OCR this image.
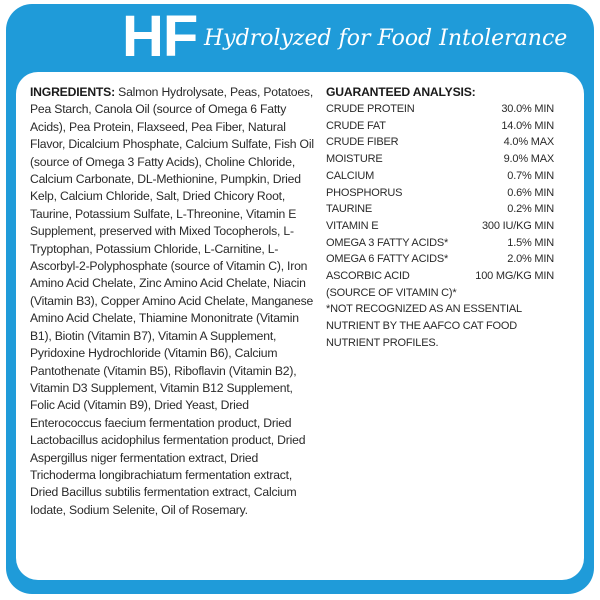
HF Hydrolyzed for Food Intolerance
INGREDIENTS: Salmon Hydrolysate, Peas, Potatoes, Pea Starch, Canola Oil (source of Omega 6 Fatty Acids), Pea Protein, Flaxseed, Pea Fiber, Natural Flavor, Dicalcium Phosphate, Calcium Sulfate, Fish Oil (source of Omega 3 Fatty Acids), Choline Chloride, Calcium Carbonate, DL-Methionine, Pumpkin, Dried Kelp, Calcium Chloride, Salt, Dried Chicory Root, Taurine, Potassium Sulfate, L-Threonine, Vitamin E Supplement, preserved with Mixed Tocopherols, L-Tryptophan, Potassium Chloride, L-Carnitine, L-Ascorbyl-2-Polyphosphate (source of Vitamin C), Iron Amino Acid Chelate, Zinc Amino Acid Chelate, Niacin (Vitamin B3), Copper Amino Acid Chelate, Manganese Amino Acid Chelate, Thiamine Mononitrate (Vitamin B1), Biotin (Vitamin B7), Vitamin A Supplement, Pyridoxine Hydrochloride (Vitamin B6), Calcium Pantothenate (Vitamin B5), Riboflavin (Vitamin B2), Vitamin D3 Supplement, Vitamin B12 Supplement, Folic Acid (Vitamin B9), Dried Yeast, Dried Enterococcus faecium fermentation product, Dried Lactobacillus acidophilus fermentation product, Dried Aspergillus niger fermentation extract, Dried Trichoderma longibrachiatum fermentation extract, Dried Bacillus subtilis fermentation extract, Calcium Iodate, Sodium Selenite, Oil of Rosemary.
GUARANTEED ANALYSIS:
CRUDE PROTEIN	30.0% MIN
CRUDE FAT	14.0% MIN
CRUDE FIBER	4.0% MAX
MOISTURE	9.0% MAX
CALCIUM	0.7% MIN
PHOSPHORUS	0.6% MIN
TAURINE	0.2% MIN
VITAMIN E	300 IU/KG MIN
OMEGA 3 FATTY ACIDS*	1.5% MIN
OMEGA 6 FATTY ACIDS*	2.0% MIN
ASCORBIC ACID	100 MG/KG MIN
(SOURCE OF VITAMIN C)*
*NOT RECOGNIZED AS AN ESSENTIAL NUTRIENT BY THE AAFCO CAT FOOD NUTRIENT PROFILES.
